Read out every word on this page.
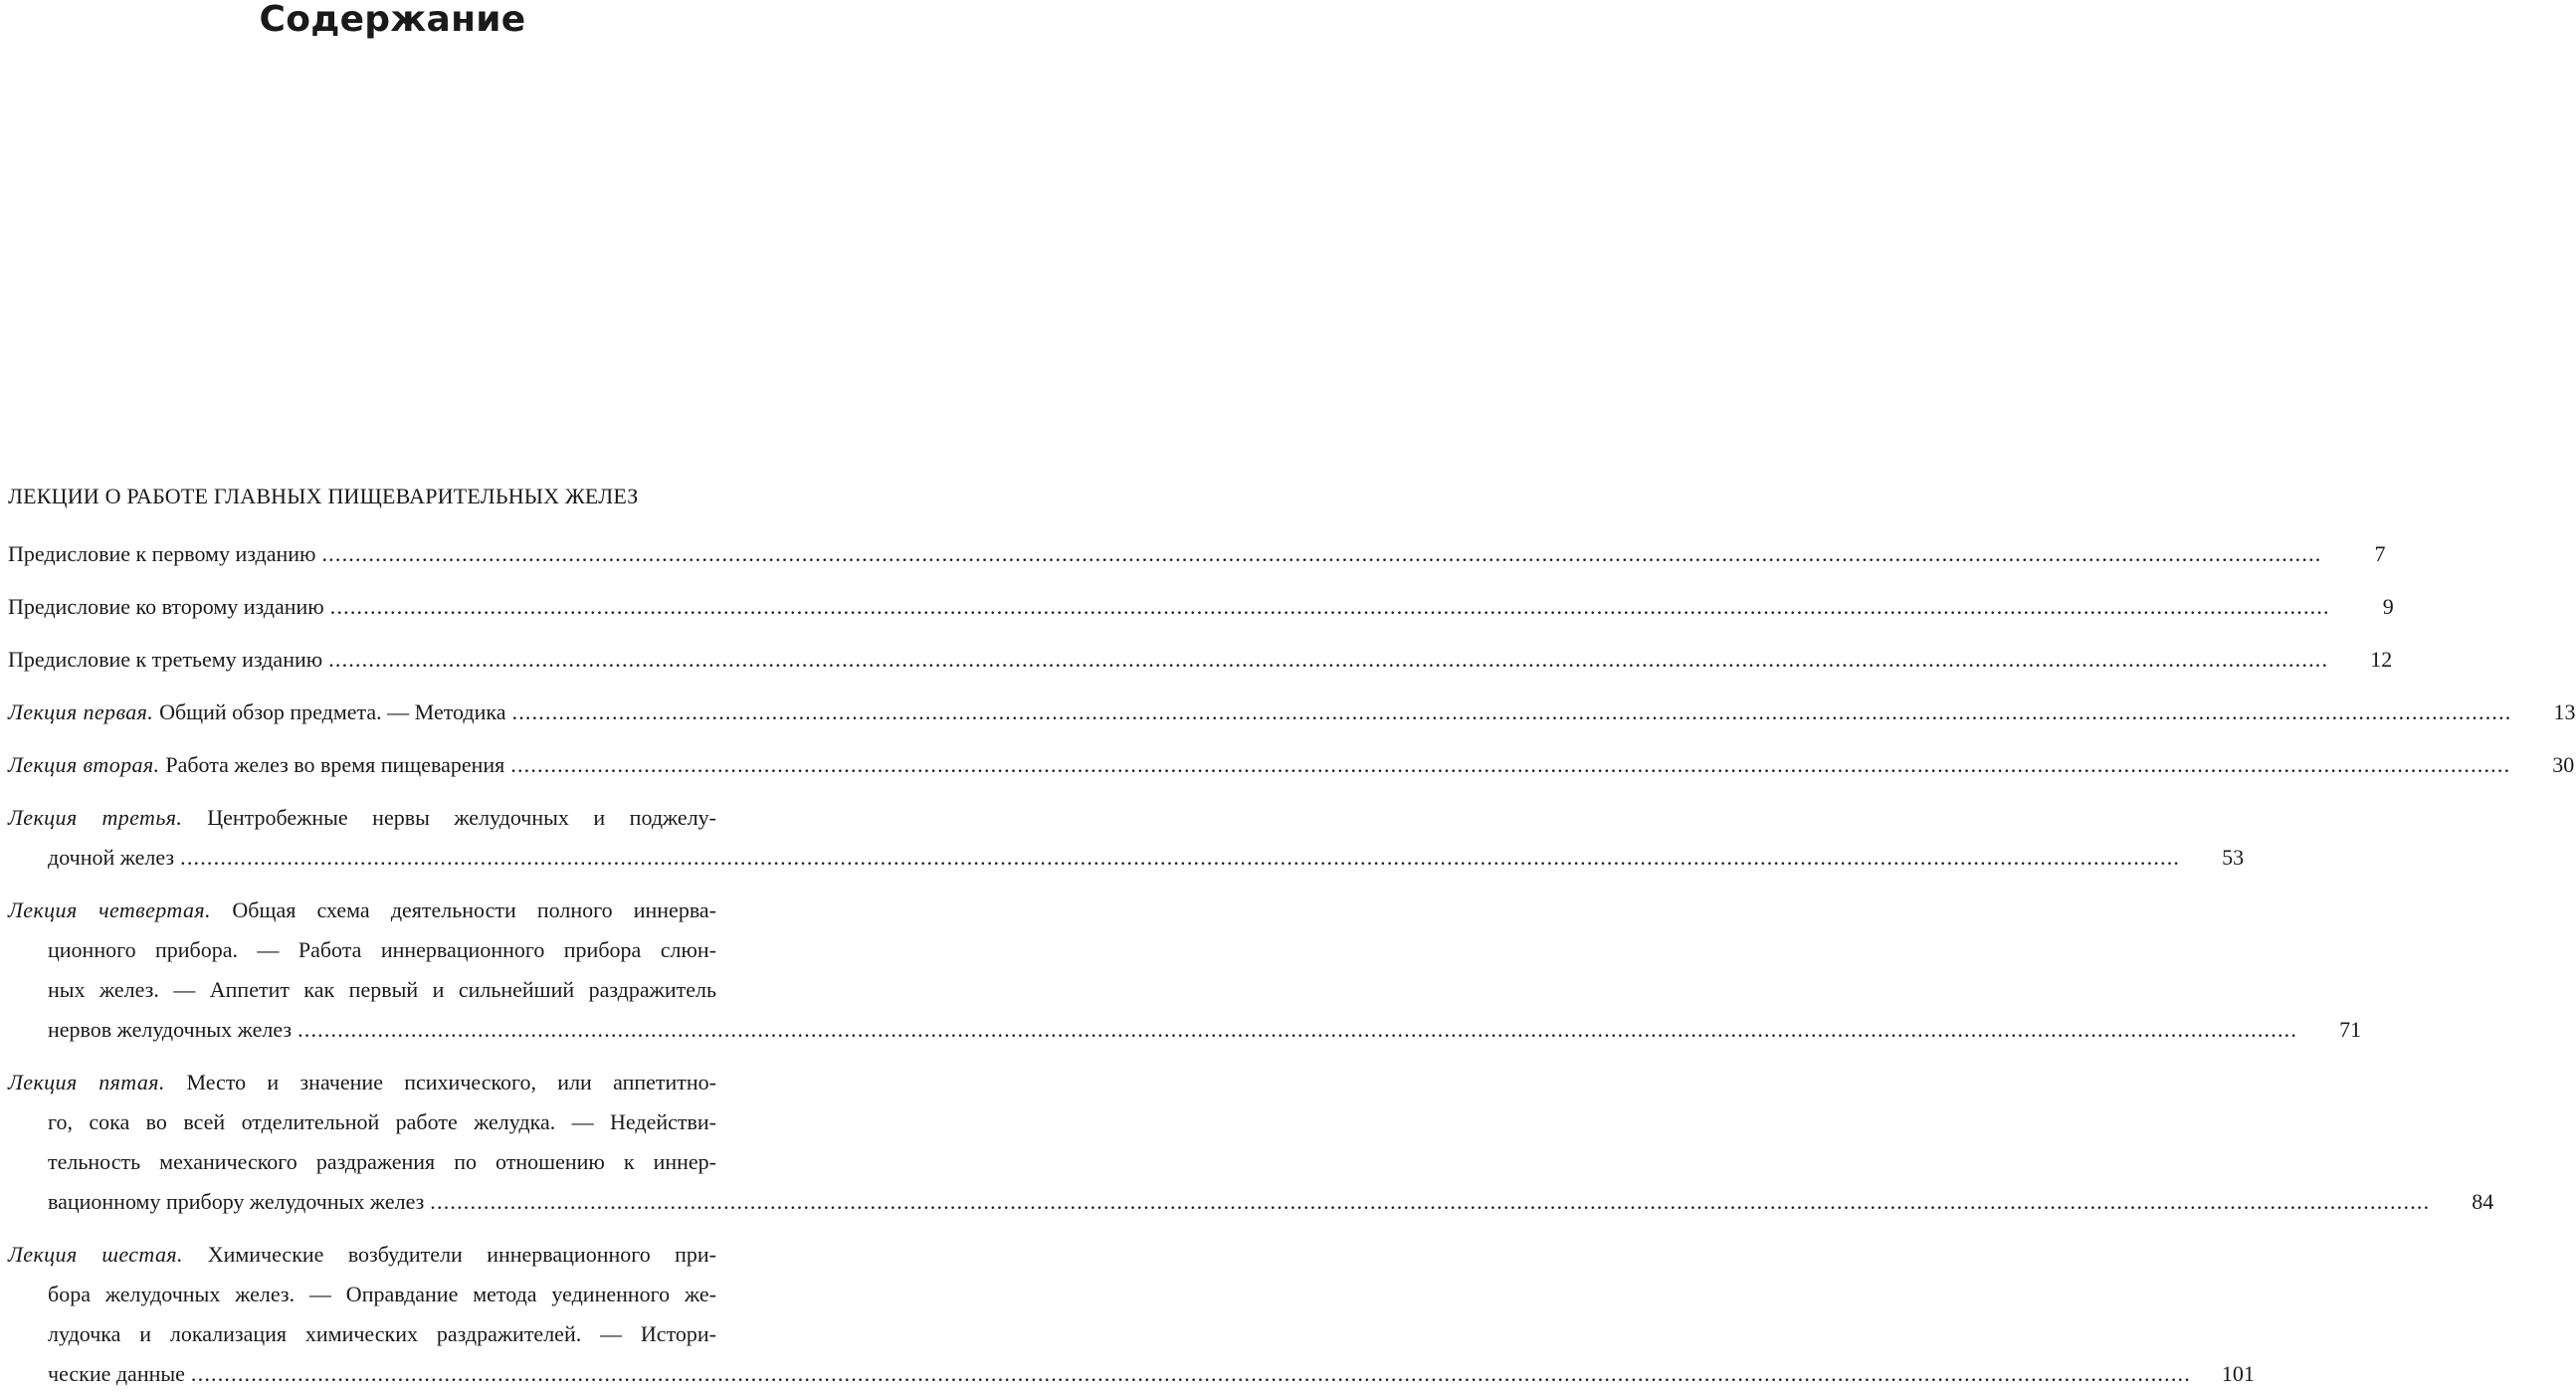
Содержание
ЛЕКЦИИ О РАБОТЕ ГЛАВНЫХ ПИЩЕВАРИТЕЛЬНЫХ ЖЕЛЕЗ
Предисловие к первому изданию ............................................................................................................................................................................................................................................................................................................	7
Предисловие ко второму изданию ............................................................................................................................................................................................................................................................................................................	9
Предисловие к третьему изданию ............................................................................................................................................................................................................................................................................................................	12
Лекция первая. Общий обзор предмета. — Методика ............................................................................................................................................................................................................................................................................................................	13
Лекция вторая. Работа желез во время пищеварения ............................................................................................................................................................................................................................................................................................................	30
Лекция третья. Центробежные нервы желудочных и поджелу-
дочной желез ............................................................................................................................................................................................................................................................................................................	53
Лекция четвертая. Общая схема деятельности полного иннерва-
ционного прибора. — Работа иннервационного прибора слюн-
ных желез. — Аппетит как первый и сильнейший раздражитель
нервов желудочных желез ............................................................................................................................................................................................................................................................................................................	71
Лекция пятая. Место и значение психического, или аппетитно-
го, сока во всей отделительной работе желудка. — Недействи-
тельность механического раздражения по отношению к иннер-
вационному прибору желудочных желез ............................................................................................................................................................................................................................................................................................................	84
Лекция шестая. Химические возбудители иннервационного при-
бора желудочных желез. — Оправдание метода уединенного же-
лудочка и локализация химических раздражителей. — Истори-
ческие данные ............................................................................................................................................................................................................................................................................................................	101
